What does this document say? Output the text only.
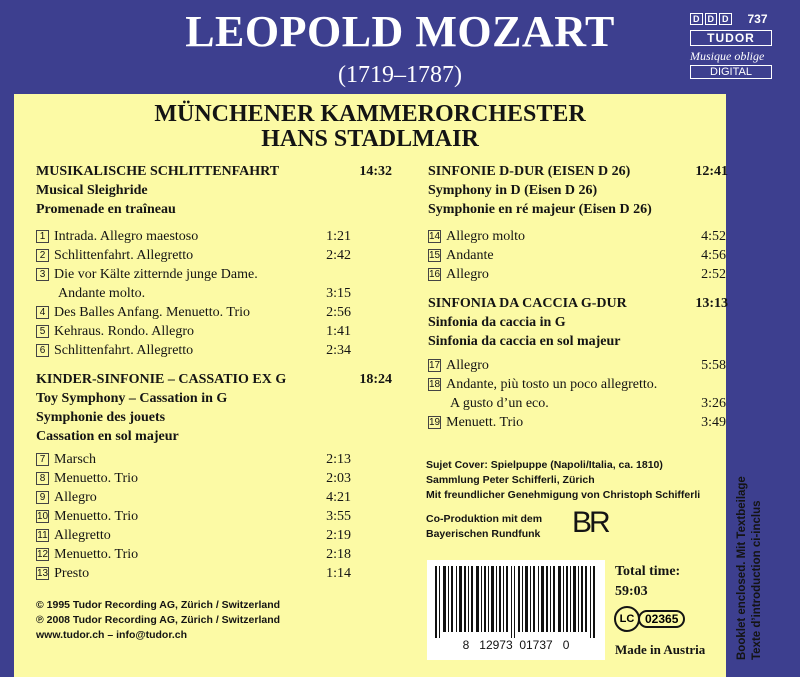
LEOPOLD MOZART
(1719–1787)
D D D 737
TUDOR
Musique oblige
DIGITAL
MÜNCHENER KAMMERORCHESTER
HANS STADLMAIR
MUSIKALISCHE SCHLITTENFAHRT	14:32
Musical Sleighride
Promenade en traîneau
1 Intrada. Allegro maestoso	1:21
2 Schlittenfahrt. Allegretto	2:42
3 Die vor Kälte zitternde junge Dame.
Andante molto.	3:15
4 Des Balles Anfang. Menuetto. Trio	2:56
5 Kehraus. Rondo. Allegro	1:41
6 Schlittenfahrt. Allegretto	2:34
KINDER-SINFONIE – CASSATIO EX G	18:24
Toy Symphony – Cassation in G
Symphonie des jouets
Cassation en sol majeur
7 Marsch	2:13
8 Menuetto. Trio	2:03
9 Allegro	4:21
10 Menuetto. Trio	3:55
11 Allegretto	2:19
12 Menuetto. Trio	2:18
13 Presto	1:14
SINFONIE D-DUR (EISEN D 26)	12:41
Symphony in D (Eisen D 26)
Symphonie en ré majeur (Eisen D 26)
14 Allegro molto	4:52
15 Andante	4:56
16 Allegro	2:52
SINFONIA DA CACCIA G-DUR	13:13
Sinfonia da caccia in G
Sinfonia da caccia en sol majeur
17 Allegro	5:58
18 Andante, più tosto un poco allegretto.
A gusto d’un eco.	3:26
19 Menuett. Trio	3:49
Sujet Cover: Spielpuppe (Napoli/Italia, ca. 1810)
Sammlung Peter Schifferli, Zürich
Mit freundlicher Genehmigung von Christoph Schifferli
Co-Produktion mit dem
Bayerischen Rundfunk	BR
© 1995 Tudor Recording AG, Zürich / Switzerland
℗ 2008 Tudor Recording AG, Zürich / Switzerland
www.tudor.ch – info@tudor.ch
Total time:
59:03
LC 02365
Made in Austria
8   12973  01737   0	Booklet enclosed. Mit Textbeilage Texte d’introduction ci-inclus
